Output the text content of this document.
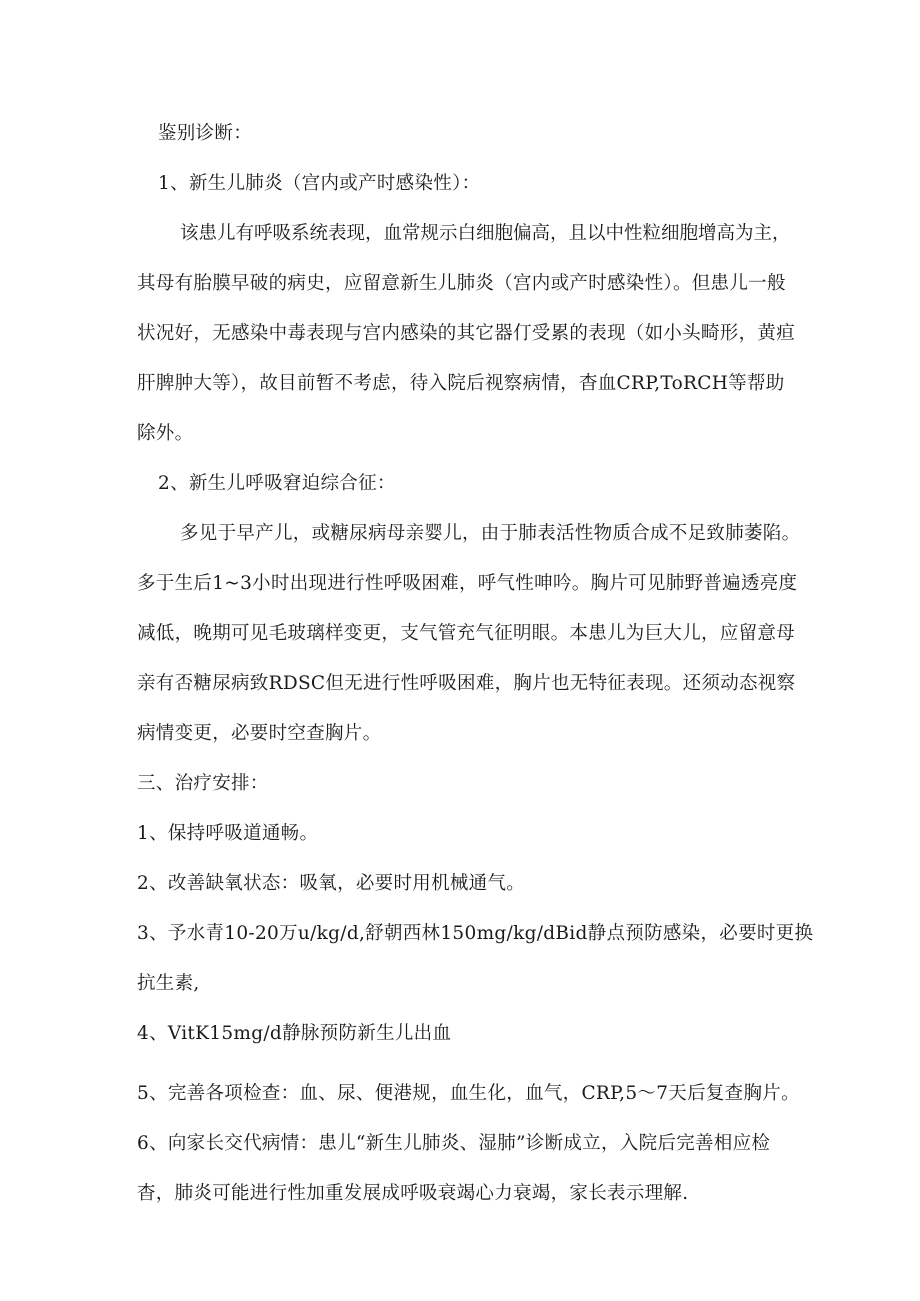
鉴别诊断：
1、新生儿肺炎（宫内或产时感染性）：
该患儿有呼吸系统表现，血常规示白细胞偏高，且以中性粒细胞增高为主，
其母有胎膜早破的病史，应留意新生儿肺炎（宫内或产时感染性）。但患儿一般
状况好，无感染中毒表现与宫内感染的其它器仃受累的表现（如小头畸形，黄疸
肝脾肿大等），故目前暂不考虑，待入院后视察病情，杳血CRP,ToRCH等帮助
除外。
2、新生儿呼吸窘迫综合征：
多见于早产儿，或糖尿病母亲婴儿，由于肺表活性物质合成不足致肺萎陷。
多于生后1~3小时出现进行性呼吸困难，呼气性呻吟。胸片可见肺野普遍透亮度
减低，晚期可见毛玻璃样变更，支气管充气征明眼。本患儿为巨大儿，应留意母
亲有否糖尿病致RDSC但无进行性呼吸困难，胸片也无特征表现。还须动态视察
病情变更，必要时空查胸片。
三、治疗安排：
1、保持呼吸道通畅。
2、改善缺氧状态：吸氧，必要时用机械通气。
3、予水青10-20万u/kg/d,舒朝西林150mg/kg/dBid静点预防感染，必要时更换
抗生素,
4、VitK15mg/d静脉预防新生儿出血
5、完善各项检查：血、尿、便港规，血生化，血气，CRP,5～7天后复查胸片。
6、向家长交代病情：患儿“新生儿肺炎、湿肺”诊断成立，入院后完善相应检
杳，肺炎可能进行性加重发展成呼吸衰竭心力衰竭，家长表示理解.
